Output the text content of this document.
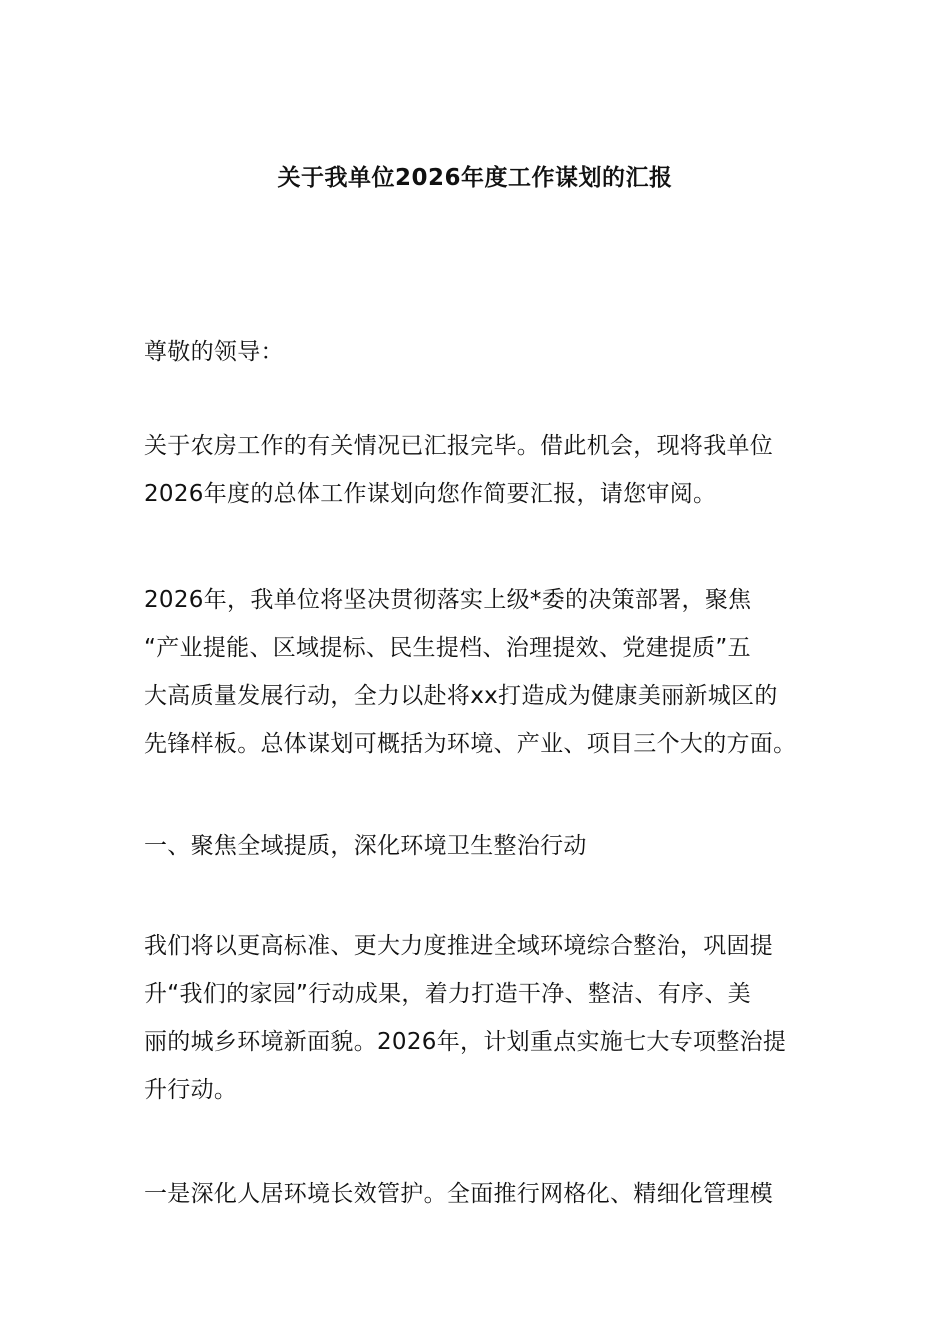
关于我单位2026年度工作谋划的汇报

尊敬的领导：

关于农房工作的有关情况已汇报完毕。借此机会，现将我单位
2026年度的总体工作谋划向您作简要汇报，请您审阅。

2026年，我单位将坚决贯彻落实上级*委的决策部署，聚焦
“产业提能、区域提标、民生提档、治理提效、党建提质”五
大高质量发展行动，全力以赴将xx打造成为健康美丽新城区的
先锋样板。总体谋划可概括为环境、产业、项目三个大的方面。

一、聚焦全域提质，深化环境卫生整治行动

我们将以更高标准、更大力度推进全域环境综合整治，巩固提
升“我们的家园”行动成果，着力打造干净、整洁、有序、美
丽的城乡环境新面貌。2026年，计划重点实施七大专项整治提
升行动。

一是深化人居环境长效管护。全面推行网格化、精细化管理模
